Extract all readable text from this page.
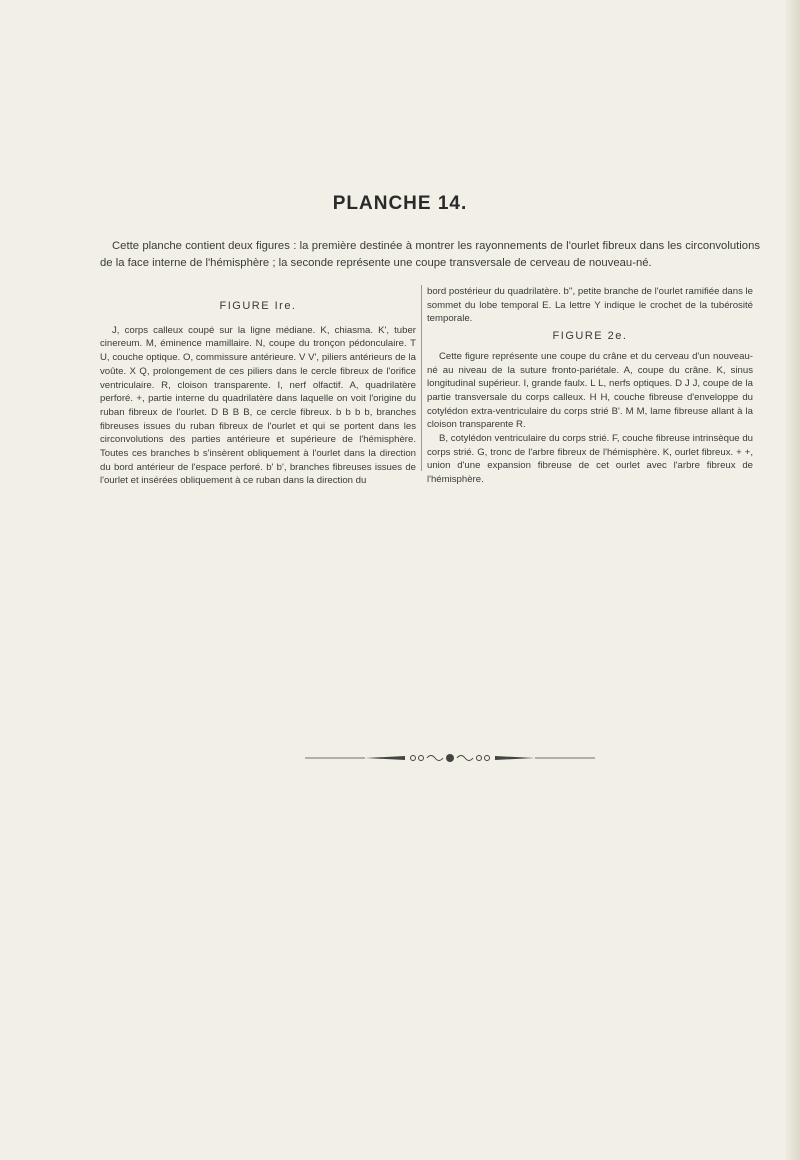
PLANCHE 14.

Cette planche contient deux figures : la première destinée à montrer les rayonnements de l'ourlet fibreux dans les circonvolutions de la face interne de l'hémisphère ; la seconde représente une coupe transversale de cerveau de nouveau-né.

FIGURE Ire.

J, corps calleux coupé sur la ligne médiane. K, chiasma. K', tuber cinereum. M, éminence mamillaire. N, coupe du tronçon pédonculaire. T U, couche optique. O, commissure antérieure. V V', piliers antérieurs de la voûte. X Q, prolongement de ces piliers dans le cercle fibreux de l'orifice ventriculaire. R, cloison transparente. I, nerf olfactif. A, quadrilatère perforé. +, partie interne du quadrilatère dans laquelle on voit l'origine du ruban fibreux de l'ourlet. D B B B, ce cercle fibreux. b b b b, branches fibreuses issues du ruban fibreux de l'ourlet et qui se portent dans les circonvolutions des parties antérieure et supérieure de l'hémisphère. Toutes ces branches b s'insèrent obliquement à l'ourlet dans la direction du bord antérieur de l'espace perforé. b' b', branches fibreuses issues de l'ourlet et insérées obliquement à ce ruban dans la direction du

bord postérieur du quadrilatère. b'', petite branche de l'ourlet ramifiée dans le sommet du lobe temporal E. La lettre Y indique le crochet de la tubérosité temporale.

FIGURE 2e.

Cette figure représente une coupe du crâne et du cerveau d'un nouveau-né au niveau de la suture fronto-pariétale. A, coupe du crâne. K, sinus longitudinal supérieur. I, grande faulx. L L, nerfs optiques. D J J, coupe de la partie transversale du corps calleux. H H, couche fibreuse d'enveloppe du cotylédon extra-ventriculaire du corps strié B'. M M, lame fibreuse allant à la cloison transparente R.

B, cotylédon ventriculaire du corps strié. F, couche fibreuse intrinsèque du corps strié. G, tronc de l'arbre fibreux de l'hémisphère. K, ourlet fibreux. + +, union d'une expansion fibreuse de cet ourlet avec l'arbre fibreux de l'hémisphère.
